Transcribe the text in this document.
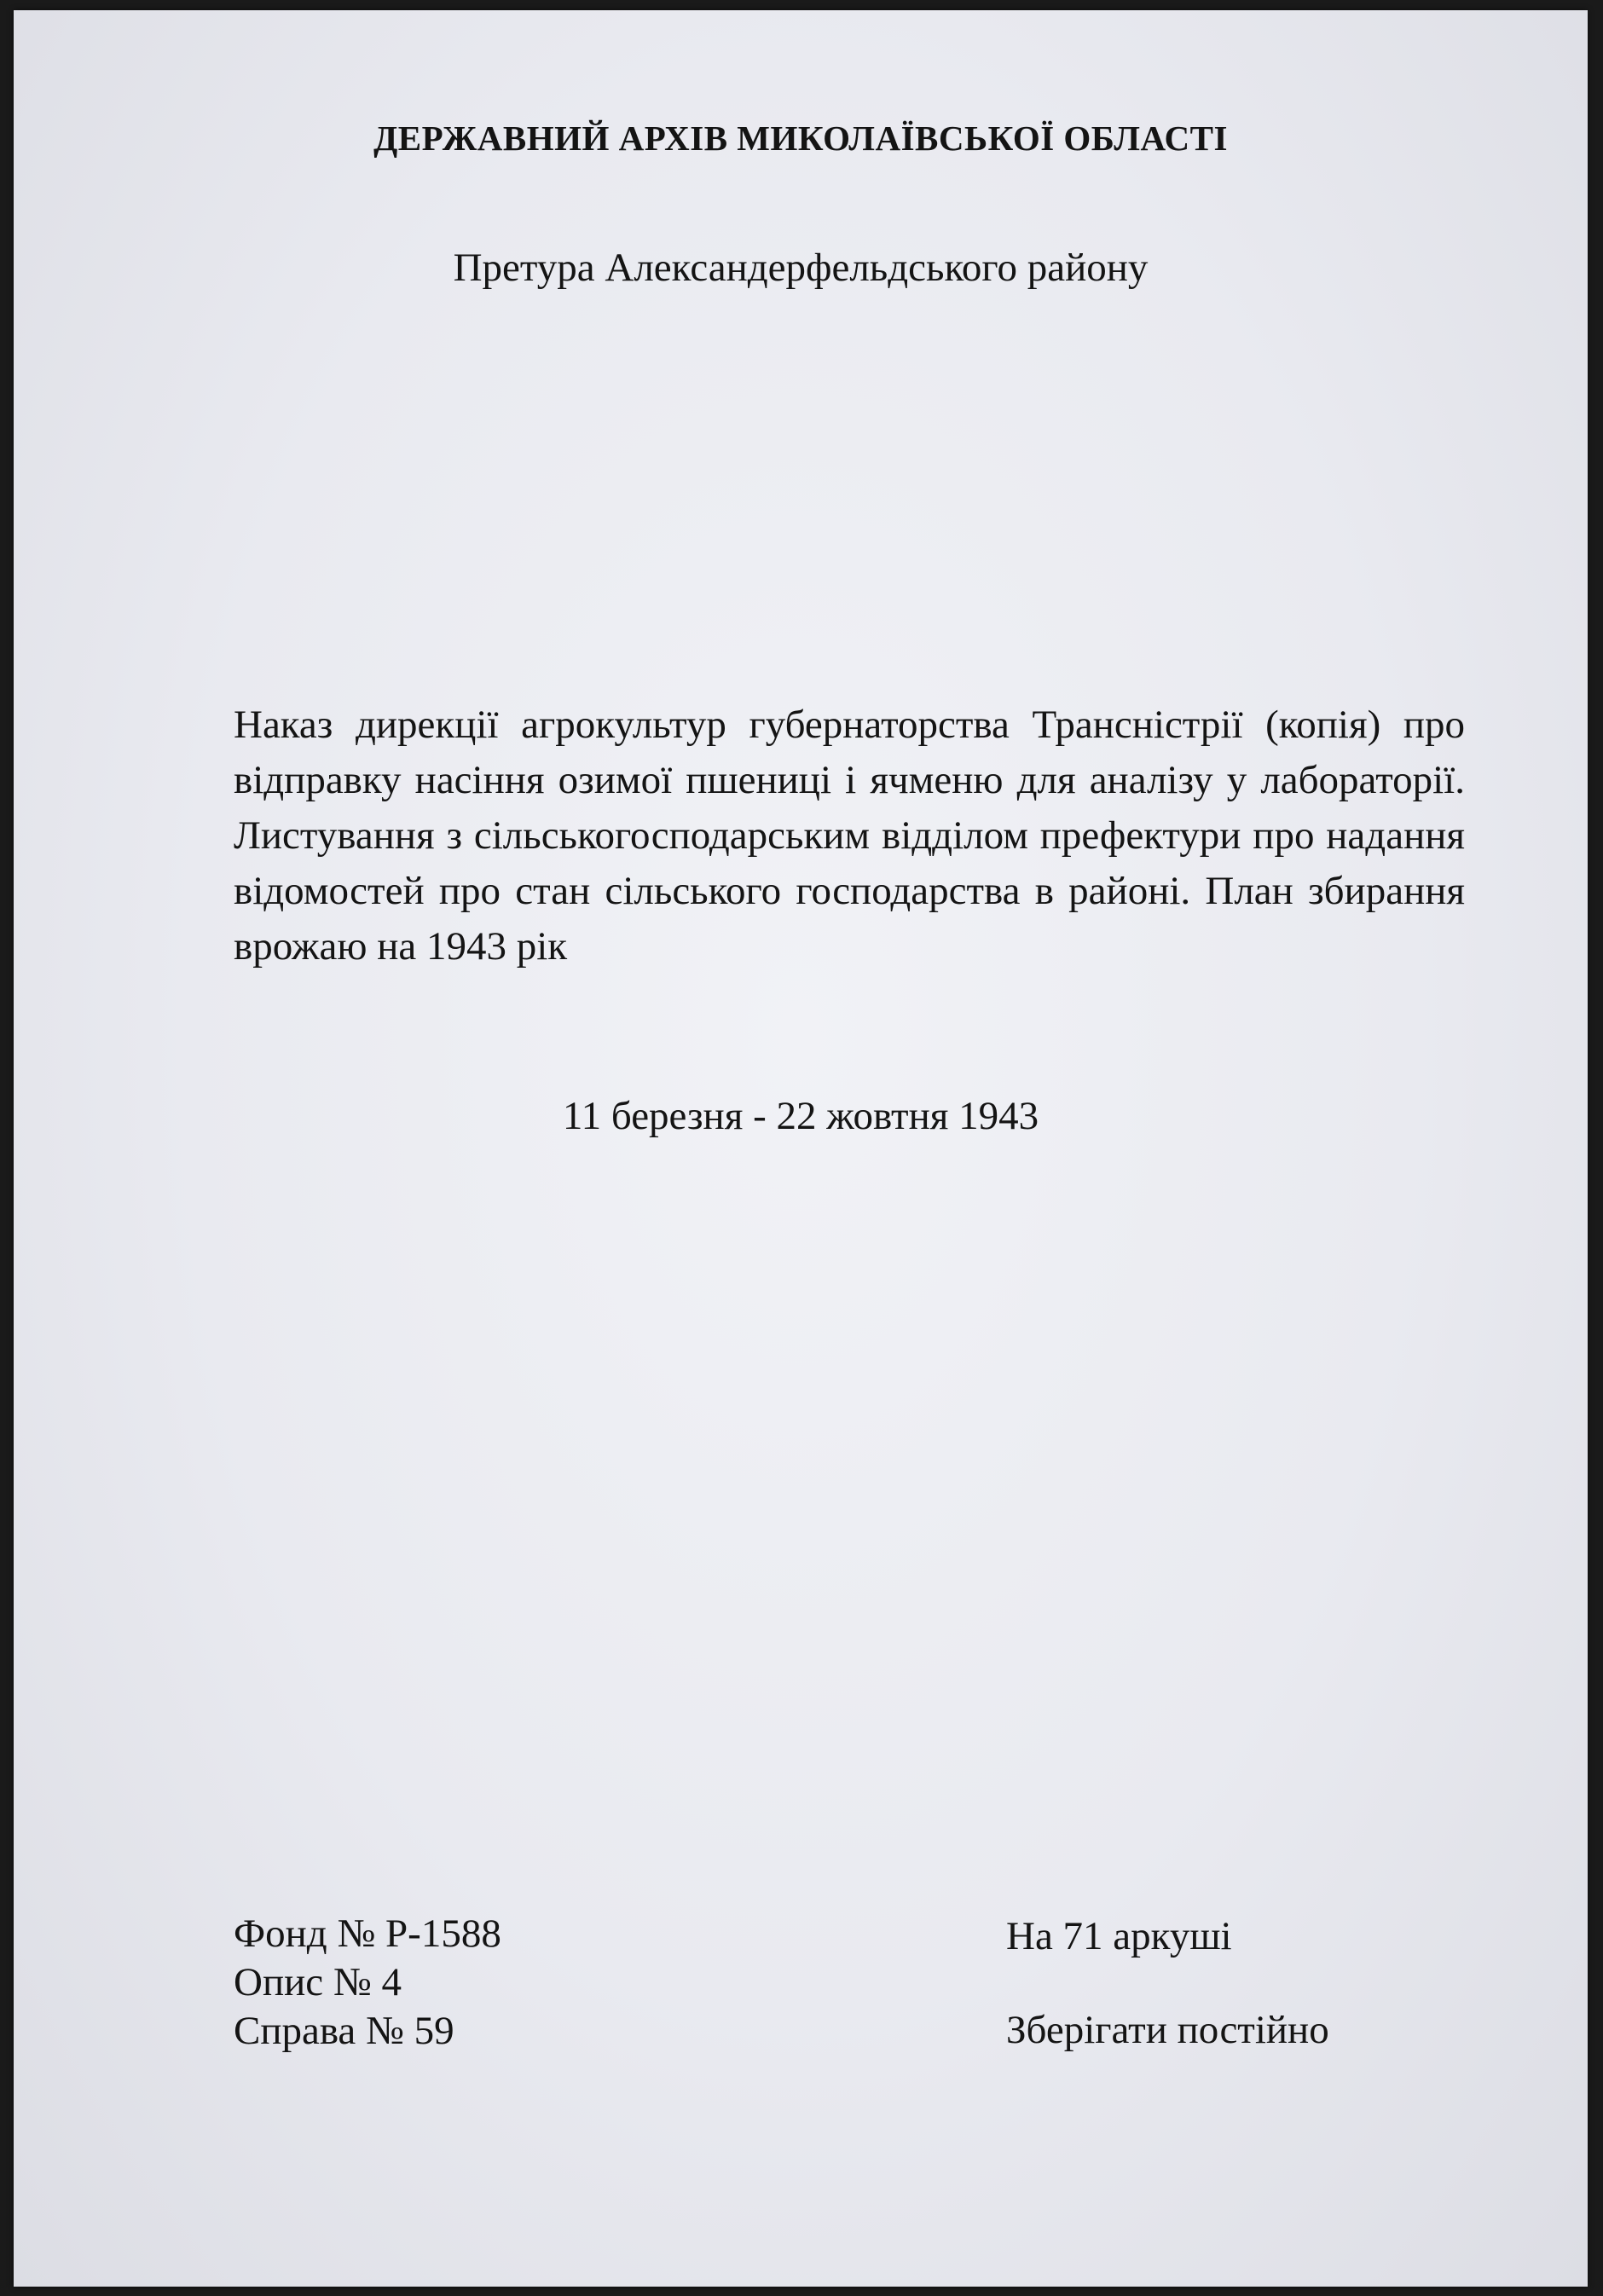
ДЕРЖАВНИЙ АРХІВ МИКОЛАЇВСЬКОЇ ОБЛАСТІ
Претура Александерфельдського району
Наказ дирекції агрокультур губернаторства Трансністрії (копія) про відправку насіння озимої пшениці і ячменю для аналізу у лабораторії. Листування з сільськогосподарським відділом префектури про надання відомостей про стан сільського господарства в районі. План збирання врожаю на 1943 рік
11 березня - 22 жовтня 1943
Фонд № Р-1588
Опис № 4
Справа № 59
На 71 аркуші
Зберігати постійно
